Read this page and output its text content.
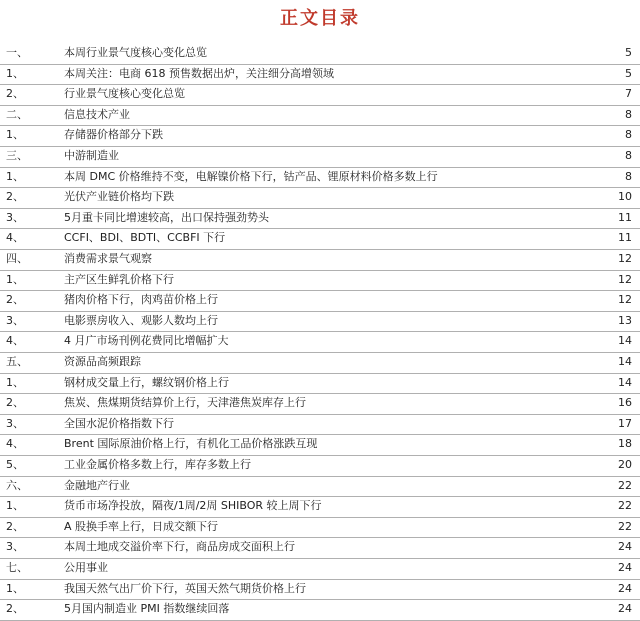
正文目录
一、	本周行业景气度核心变化总览	5
1、	本周关注：电商 618 预售数据出炉，关注细分高增领域	5
2、	行业景气度核心变化总览	7
二、	信息技术产业	8
1、	存储器价格部分下跌	8
三、	中游制造业	8
1、	本周 DMC 价格维持不变，电解镍价格下行，钴产品、锂原材料价格多数上行	8
2、	光伏产业链价格均下跌	10
3、	5月重卡同比增速较高，出口保持强劲势头	11
4、	CCFI、BDI、BDTI、CCBFI 下行	11
四、	消费需求景气观察	12
1、	主产区生鲜乳价格下行	12
2、	猪肉价格下行，肉鸡苗价格上行	12
3、	电影票房收入、观影人数均上行	13
4、	4 月广市场刊例花费同比增幅扩大	14
五、	资源品高频跟踪	14
1、	钢材成交量上行，螺纹钢价格上行	14
2、	焦炭、焦煤期货结算价上行，天津港焦炭库存上行	16
3、	全国水泥价格指数下行	17
4、	Brent 国际原油价格上行，有机化工品价格涨跌互现	18
5、	工业金属价格多数上行，库存多数上行	20
六、	金融地产行业	22
1、	货币市场净投放，隔夜/1周/2周 SHIBOR 较上周下行	22
2、	A 股换手率上行，日成交额下行	22
3、	本周土地成交溢价率下行，商品房成交面积上行	24
七、	公用事业	24
1、	我国天然气出厂价下行，英国天然气期货价格上行	24
2、	5月国内制造业 PMI 指数继续回落	24
